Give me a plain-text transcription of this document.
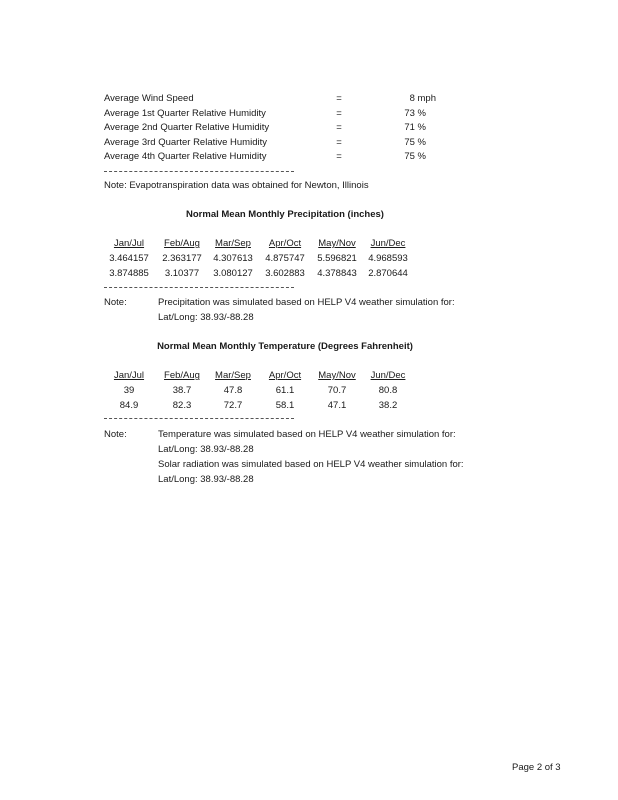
Average Wind Speed	=	8 mph
Average 1st Quarter Relative Humidity	=	73 %
Average 2nd Quarter Relative Humidity	=	71 %
Average 3rd Quarter Relative Humidity	=	75 %
Average 4th Quarter Relative Humidity	=	75 %
Note: Evapotranspiration data was obtained for Newton, Illinois
Normal Mean Monthly Precipitation (inches)
Jan/Jul	Feb/Aug	Mar/Sep	Apr/Oct	May/Nov	Jun/Dec
3.464157	2.363177	4.307613	4.875747	5.596821	4.968593
3.874885	3.10377	3.080127	3.602883	4.378843	2.870644
Note:	Precipitation was simulated based on HELP V4 weather simulation for:
Lat/Long: 38.93/-88.28
Normal Mean Monthly Temperature (Degrees Fahrenheit)
Jan/Jul	Feb/Aug	Mar/Sep	Apr/Oct	May/Nov	Jun/Dec
39	38.7	47.8	61.1	70.7	80.8
84.9	82.3	72.7	58.1	47.1	38.2
Note:	Temperature was simulated based on HELP V4 weather simulation for:
Lat/Long: 38.93/-88.28
Solar radiation was simulated based on HELP V4 weather simulation for:
Lat/Long: 38.93/-88.28
Page 2 of 3
